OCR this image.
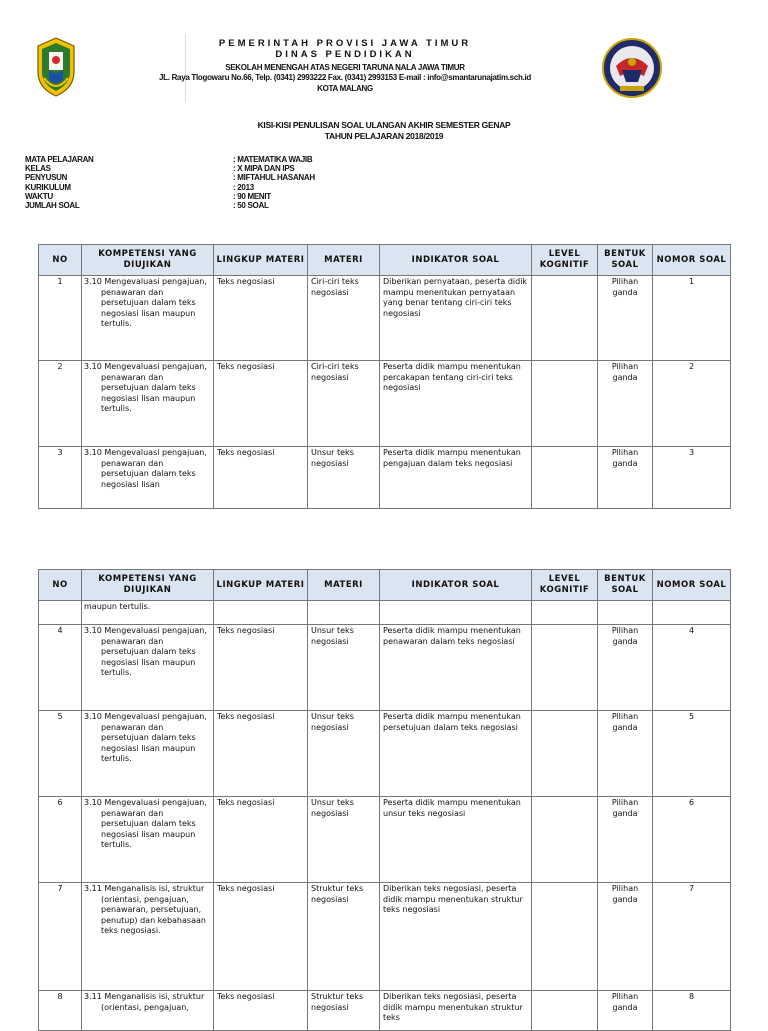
PEMERINTAH PROVISI JAWA TIMUR
DINAS PENDIDIKAN
SEKOLAH MENENGAH ATAS NEGERI TARUNA NALA JAWA TIMUR
JL. Raya Tlogowaru No.66, Telp. (0341) 2993222 Fax. (0341) 2993153 E-mail : info@smantarunajatim.sch.id
KOTA MALANG
KISI-KISI PENULISAN SOAL ULANGAN AKHIR SEMESTER GENAP
TAHUN PELAJARAN 2018/2019
MATA PELAJARAN	: MATEMATIKA WAJIB
KELAS	: X MIPA DAN IPS
PENYUSUN	: MIFTAHUL HASANAH
KURIKULUM	: 2013
WAKTU	: 90 MENIT
JUMLAH SOAL	: 50 SOAL
NO	KOMPETENSI YANG DIUJIKAN	LINGKUP MATERI	MATERI	INDIKATOR SOAL	LEVEL KOGNITIF	BENTUK SOAL	NOMOR SOAL
1	3.10 Mengevaluasi pengajuan, penawaran dan persetujuan dalam teks negosiasi lisan maupun tertulis.	Teks negosiasi	Ciri-ciri teks negosiasi	Diberikan pernyataan, peserta didik mampu menentukan pernyataan yang benar tentang ciri-ciri teks negosiasi		Pilihan ganda	1
2	3.10 Mengevaluasi pengajuan, penawaran dan persetujuan dalam teks negosiasi lisan maupun tertulis.	Teks negosiasi	Ciri-ciri teks negosiasi	Peserta didik mampu menentukan percakapan tentang ciri-ciri teks negosiasi		Pilihan ganda	2
3	3.10 Mengevaluasi pengajuan, penawaran dan persetujuan dalam teks negosiasi lisan	Teks negosiasi	Unsur teks negosiasi	Peserta didik mampu menentukan pengajuan dalam teks negosiasi		Pilihan ganda	3
NO	KOMPETENSI YANG DIUJIKAN	LINGKUP MATERI	MATERI	INDIKATOR SOAL	LEVEL KOGNITIF	BENTUK SOAL	NOMOR SOAL
	maupun tertulis.						
4	3.10 Mengevaluasi pengajuan, penawaran dan persetujuan dalam teks negosiasi lisan maupun tertulis.	Teks negosiasi	Unsur teks negosiasi	Peserta didik mampu menentukan penawaran dalam teks negosiasi		Pilihan ganda	4
5	3.10 Mengevaluasi pengajuan, penawaran dan persetujuan dalam teks negosiasi lisan maupun tertulis.	Teks negosiasi	Unsur teks negosiasi	Peserta didik mampu menentukan persetujuan dalam teks negosiasi		Pilihan ganda	5
6	3.10 Mengevaluasi pengajuan, penawaran dan persetujuan dalam teks negosiasi lisan maupun tertulis.	Teks negosiasi	Unsur teks negosiasi	Peserta didik mampu menentukan unsur teks negosiasi		Pilihan ganda	6
7	3.11 Menganalisis isi, struktur (orientasi, pengajuan, penawaran, persetujuan, penutup) dan kebahasaan teks negosiasi.	Teks negosiasi	Struktur teks negosiasi	Diberikan teks negosiasi, peserta didik mampu menentukan struktur teks negosiasi		Pilihan ganda	7
8	3.11 Menganalisis isi, struktur (orientasi, pengajuan,	Teks negosiasi	Struktur teks negosiasi	Diberikan teks negosiasi, peserta didik mampu menentukan struktur teks		Pilihan ganda	8
